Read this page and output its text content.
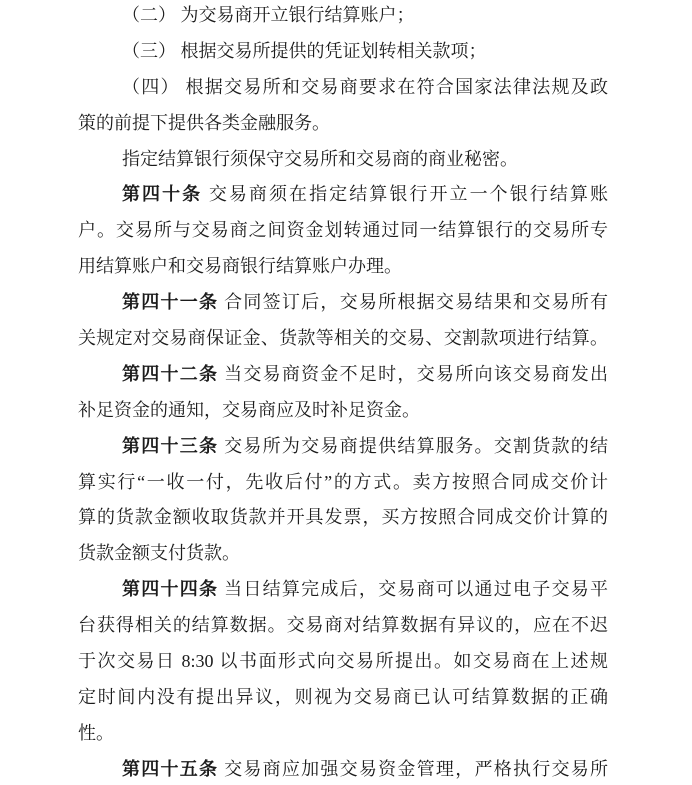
（二） 为交易商开立银行结算账户；
（三） 根据交易所提供的凭证划转相关款项；
（四） 根据交易所和交易商要求在符合国家法律法规及政
策的前提下提供各类金融服务。
指定结算银行须保守交易所和交易商的商业秘密。
第四十条 交易商须在指定结算银行开立一个银行结算账
户。交易所与交易商之间资金划转通过同一结算银行的交易所专
用结算账户和交易商银行结算账户办理。
第四十一条 合同签订后，交易所根据交易结果和交易所有
关规定对交易商保证金、货款等相关的交易、交割款项进行结算。
第四十二条 当交易商资金不足时，交易所向该交易商发出
补足资金的通知，交易商应及时补足资金。
第四十三条 交易所为交易商提供结算服务。交割货款的结
算实行“一收一付，先收后付”的方式。卖方按照合同成交价计
算的货款金额收取货款并开具发票，买方按照合同成交价计算的
货款金额支付货款。
第四十四条 当日结算完成后，交易商可以通过电子交易平
台获得相关的结算数据。交易商对结算数据有异议的，应在不迟
于次交易日 8:30 以书面形式向交易所提出。如交易商在上述规
定时间内没有提出异议，则视为交易商已认可结算数据的正确
性。
第四十五条 交易商应加强交易资金管理，严格执行交易所
